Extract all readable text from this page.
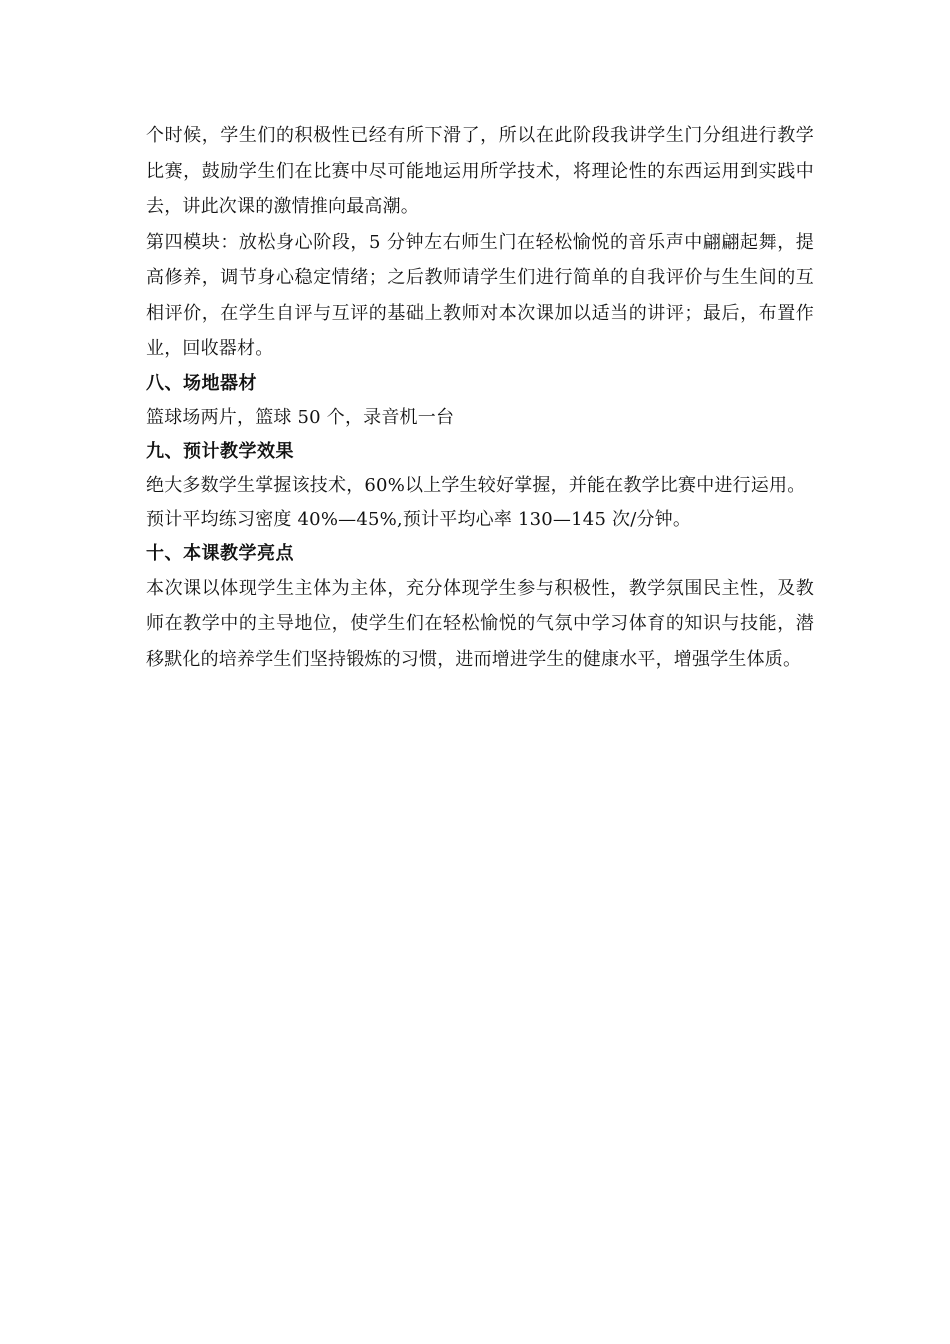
个时候，学生们的积极性已经有所下滑了，所以在此阶段我讲学生门分组进行教学比赛，鼓励学生们在比赛中尽可能地运用所学技术，将理论性的东西运用到实践中去，讲此次课的激情推向最高潮。

第四模块：放松身心阶段，5 分钟左右师生门在轻松愉悦的音乐声中翩翩起舞，提高修养，调节身心稳定情绪；之后教师请学生们进行简单的自我评价与生生间的互相评价，在学生自评与互评的基础上教师对本次课加以适当的讲评；最后，布置作业，回收器材。

八、场地器材

篮球场两片，篮球 50 个，录音机一台

九、预计教学效果

绝大多数学生掌握该技术，60%以上学生较好掌握，并能在教学比赛中进行运用。

预计平均练习密度 40%—45%,预计平均心率 130—145 次/分钟。

十、本课教学亮点

本次课以体现学生主体为主体，充分体现学生参与积极性，教学氛围民主性，及教师在教学中的主导地位，使学生们在轻松愉悦的气氛中学习体育的知识与技能，潜移默化的培养学生们坚持锻炼的习惯，进而增进学生的健康水平，增强学生体质。
